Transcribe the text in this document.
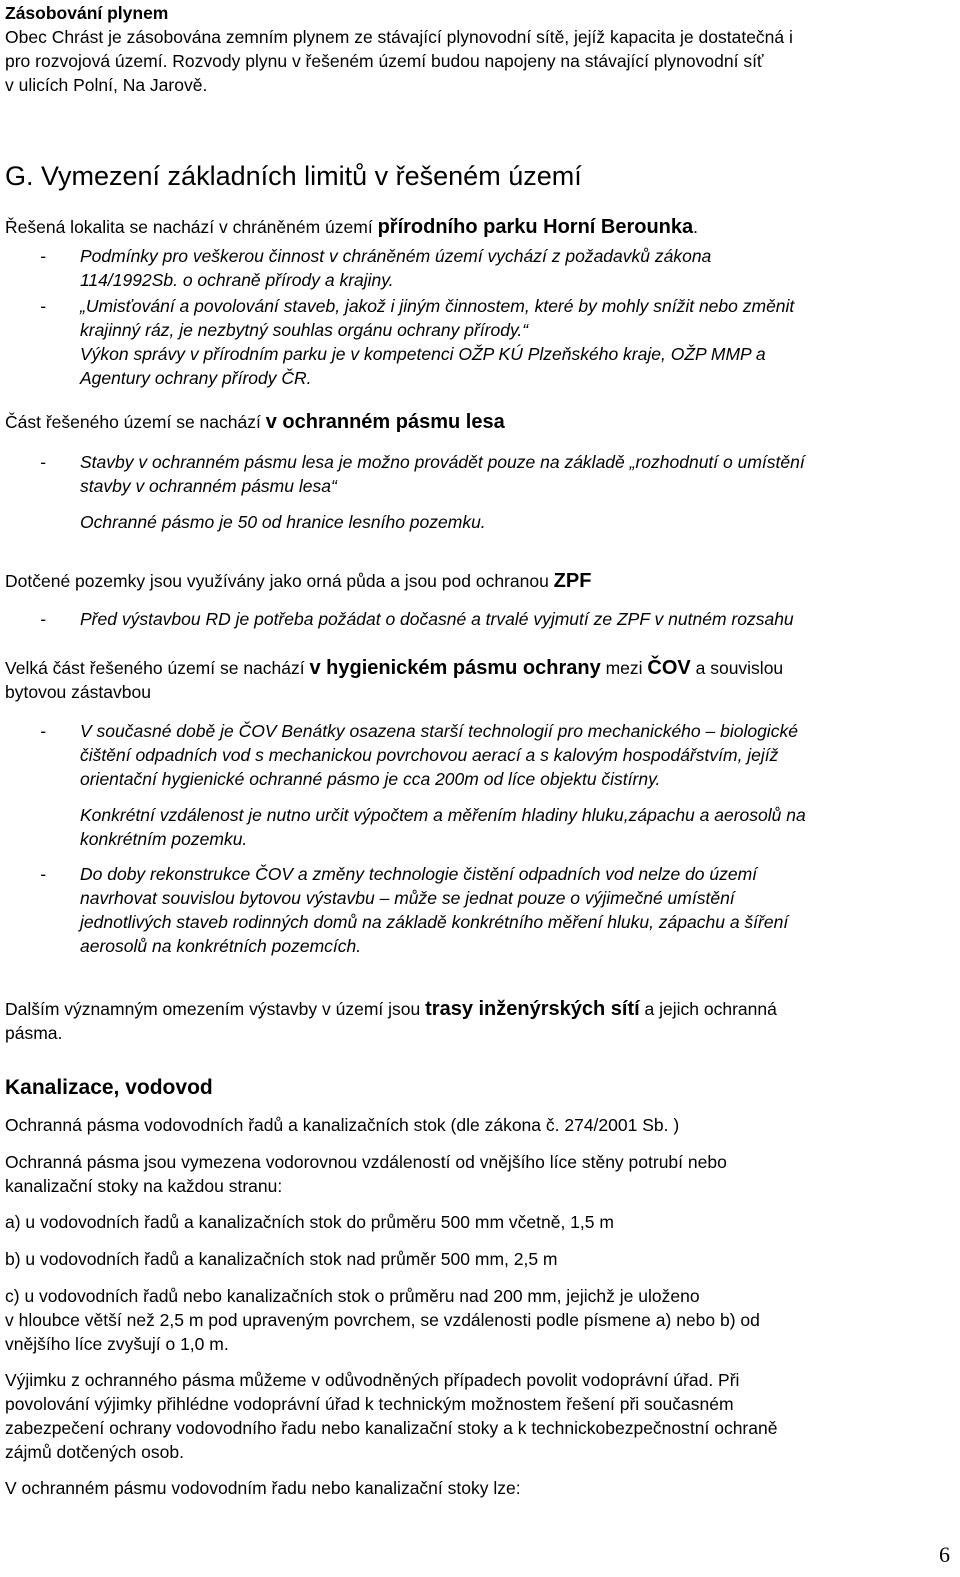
Zásobování plynem

Obec Chrást je zásobována zemním plynem ze stávající plynovodní sítě, jejíž kapacita je dostatečná i

pro rozvojová území. Rozvody plynu v řešeném území budou napojeny na stávající plynovodní síť

v ulicích Polní, Na Jarově.

G. Vymezení základních limitů v řešeném území

Řešená lokalita se nachází v chráněném území přírodního parku Horní Berounka.

- Podmínky pro veškerou činnost v chráněném území vychází z požadavků zákona

114/1992Sb. o ochraně přírody a krajiny.

- „Umisťování a povolování staveb, jakož i jiným činnostem, které by mohly snížit nebo změnit

krajinný ráz, je nezbytný souhlas orgánu ochrany přírody.“

Výkon správy v přírodním parku je v kompetenci OŽP KÚ Plzeňského kraje, OŽP MMP a

Agentury ochrany přírody ČR.

Část řešeného území se nachází v ochranném pásmu lesa

- Stavby v ochranném pásmu lesa je možno provádět pouze na základě „rozhodnutí o umístění

stavby v ochranném pásmu lesa“

Ochranné pásmo je 50 od hranice lesního pozemku.

Dotčené pozemky jsou využívány jako orná půda a jsou pod ochranou ZPF

- Před výstavbou RD je potřeba požádat o dočasné a trvalé vyjmutí ze ZPF v nutném rozsahu

Velká část řešeného území se nachází v hygienickém pásmu ochrany mezi ČOV a souvislou

bytovou zástavbou

- V současné době je ČOV Benátky osazena starší technologií pro mechanického – biologické

čištění odpadních vod s mechanickou povrchovou aerací a s kalovým hospodářstvím, jejíž

orientační hygienické ochranné pásmo je cca 200m od líce objektu čistírny.

Konkrétní vzdálenost je nutno určit výpočtem a měřením hladiny hluku,zápachu a aerosolů na

konkrétním pozemku.

- Do doby rekonstrukce ČOV a změny technologie čistění odpadních vod nelze do území

navrhovat souvislou bytovou výstavbu – může se jednat pouze o výjimečné umístění

jednotlivých staveb rodinných domů na základě konkrétního měření hluku, zápachu a šíření

aerosolů na konkrétních pozemcích.

Dalším významným omezením výstavby v území jsou trasy inženýrských sítí a jejich ochranná

pásma.

Kanalizace, vodovod

Ochranná pásma vodovodních řadů a kanalizačních stok (dle zákona č. 274/2001 Sb. )

Ochranná pásma jsou vymezena vodorovnou vzdáleností od vnějšího líce stěny potrubí nebo

kanalizační stoky na každou stranu:

a) u vodovodních řadů a kanalizačních stok do průměru 500 mm včetně, 1,5 m

b) u vodovodních řadů a kanalizačních stok nad průměr 500 mm, 2,5 m

c) u vodovodních řadů nebo kanalizačních stok o průměru nad 200 mm, jejichž je uloženo

v hloubce větší než 2,5 m pod upraveným povrchem, se vzdálenosti podle písmene a) nebo b) od

vnějšího líce zvyšují o 1,0 m.

Výjimku z ochranného pásma můžeme v odůvodněných případech povolit vodoprávní úřad. Při

povolování výjimky přihlédne vodoprávní úřad k technickým možnostem řešení při současném

zabezpečení ochrany vodovodního řadu nebo kanalizační stoky a k technickobezpečnostní ochraně

zájmů dotčených osob.

V ochranném pásmu vodovodním řadu nebo kanalizační stoky lze:

6
